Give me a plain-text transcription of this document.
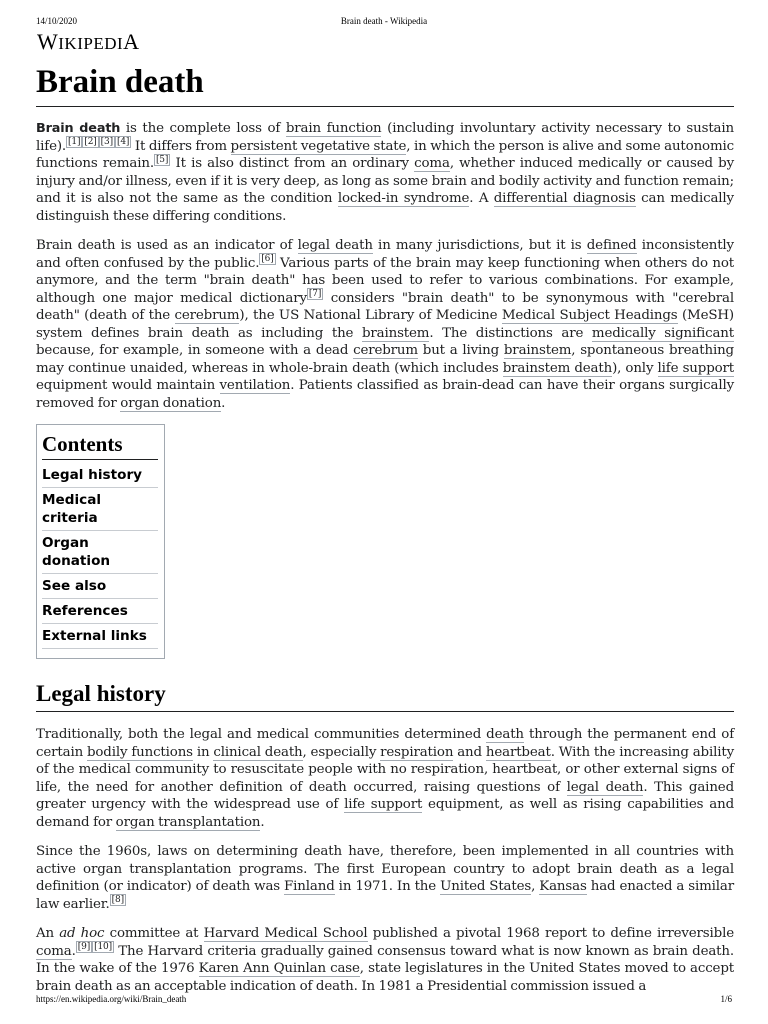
14/10/2020	Brain death - Wikipedia
WIKIPEDIA
Brain death

Brain death is the complete loss of brain function (including involuntary activity necessary to sustain life). [1] [2] [3] [4] It differs from persistent vegetative state, in which the person is alive and some autonomic functions remain. [5] It is also distinct from an ordinary coma, whether induced medically or caused by injury and/or illness, even if it is very deep, as long as some brain and bodily activity and function remain; and it is also not the same as the condition locked-in syndrome. A differential diagnosis can medically distinguish these differing conditions.

Brain death is used as an indicator of legal death in many jurisdictions, but it is defined inconsistently and often confused by the public. [6] Various parts of the brain may keep functioning when others do not anymore, and the term "brain death" has been used to refer to various combinations. For example, although one major medical dictionary [7] considers "brain death" to be synonymous with "cerebral death" (death of the cerebrum), the US National Library of Medicine Medical Subject Headings (MeSH) system defines brain death as including the brainstem. The distinctions are medically significant because, for example, in someone with a dead cerebrum but a living brainstem, spontaneous breathing may continue unaided, whereas in whole-brain death (which includes brainstem death), only life support equipment would maintain ventilation. Patients classified as brain-dead can have their organs surgically removed for organ donation.

Contents
Legal history
Medical criteria
Organ donation
See also
References
External links
Legal history

Traditionally, both the legal and medical communities determined death through the permanent end of certain bodily functions in clinical death, especially respiration and heartbeat. With the increasing ability of the medical community to resuscitate people with no respiration, heartbeat, or other external signs of life, the need for another definition of death occurred, raising questions of legal death. This gained greater urgency with the widespread use of life support equipment, as well as rising capabilities and demand for organ transplantation.

Since the 1960s, laws on determining death have, therefore, been implemented in all countries with active organ transplantation programs. The first European country to adopt brain death as a legal definition (or indicator) of death was Finland in 1971. In the United States, Kansas had enacted a similar law earlier. [8]

An ad hoc committee at Harvard Medical School published a pivotal 1968 report to define irreversible coma. [9] [10] The Harvard criteria gradually gained consensus toward what is now known as brain death. In the wake of the 1976 Karen Ann Quinlan case, state legislatures in the United States moved to accept brain death as an acceptable indication of death. In 1981 a Presidential commission issued a

https://en.wikipedia.org/wiki/Brain_death	1/6
